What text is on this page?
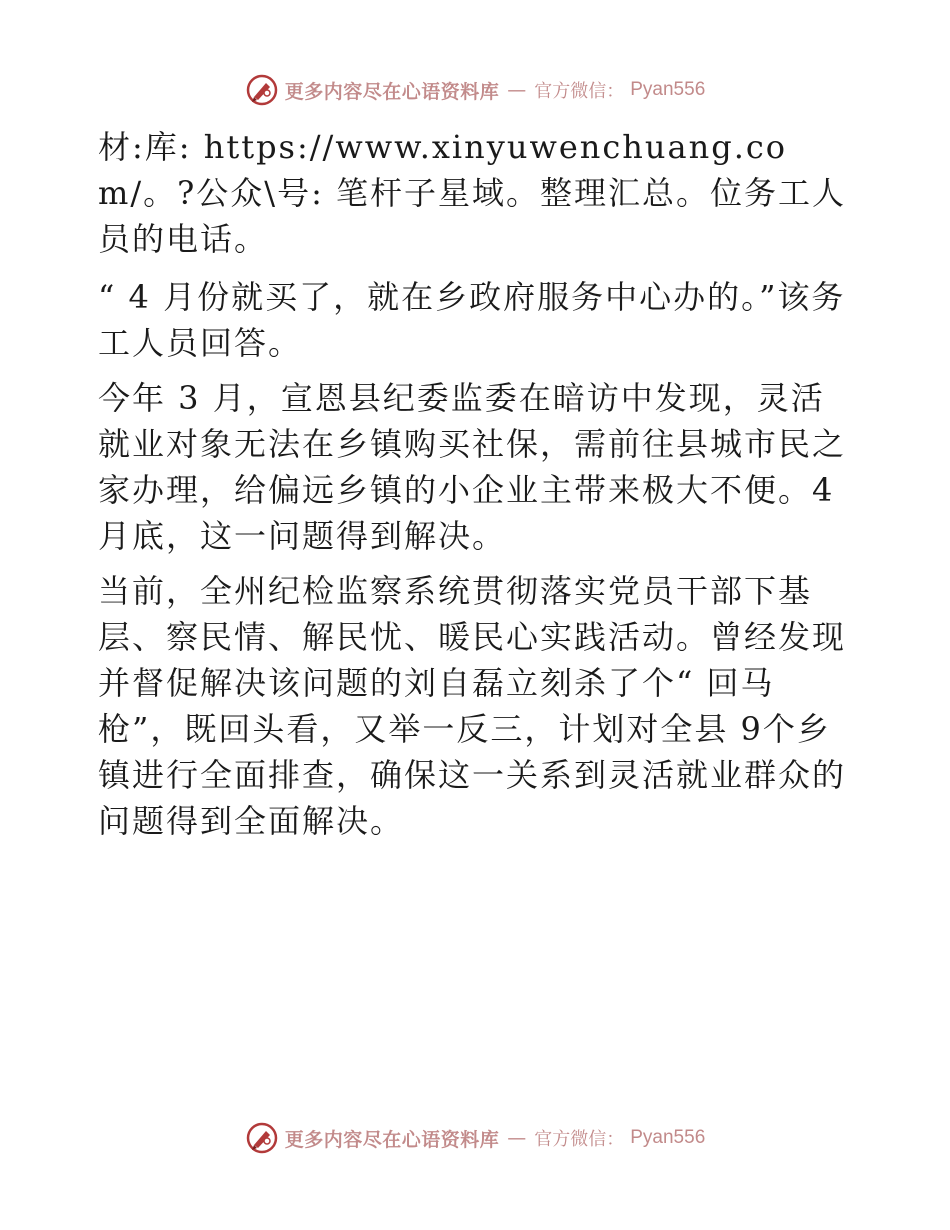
更多内容尽在心语资料库 — 官方微信： Pyan556

材:库: https://www.xinyuwenchuang.com/。?公众\号: 笔杆子星域。整理汇总。位务工人员的电话。

“ 4 月份就买了，就在乡政府服务中心办的。”该务工人员回答。

今年 3 月，宣恩县纪委监委在暗访中发现，灵活就业对象无法在乡镇购买社保，需前往县城市民之家办理，给偏远乡镇的小企业主带来极大不便。4 月底，这一问题得到解决。

当前，全州纪检监察系统贯彻落实党员干部下基层、察民情、解民忧、暖民心实践活动。曾经发现并督促解决该问题的刘自磊立刻杀了个“ 回马枪”，既回头看，又举一反三，计划对全县 9个乡镇进行全面排查，确保这一关系到灵活就业群众的问题得到全面解决。

更多内容尽在心语资料库 — 官方微信： Pyan556
